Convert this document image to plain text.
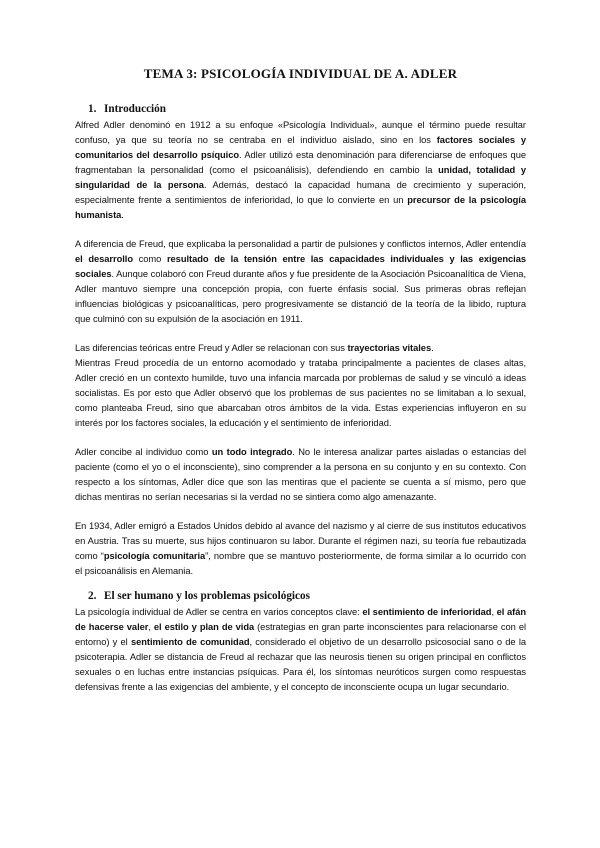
TEMA 3: PSICOLOGÍA INDIVIDUAL DE A. ADLER
1. Introducción

Alfred Adler denominó en 1912 a su enfoque «Psicología Individual», aunque el término puede resultar confuso, ya que su teoría no se centraba en el individuo aislado, sino en los factores sociales y comunitarios del desarrollo psíquico. Adler utilizó esta denominación para diferenciarse de enfoques que fragmentaban la personalidad (como el psicoanálisis), defendiendo en cambio la unidad, totalidad y singularidad de la persona. Además, destacó la capacidad humana de crecimiento y superación, especialmente frente a sentimientos de inferioridad, lo que lo convierte en un precursor de la psicología humanista.

A diferencia de Freud, que explicaba la personalidad a partir de pulsiones y conflictos internos, Adler entendía el desarrollo como resultado de la tensión entre las capacidades individuales y las exigencias sociales. Aunque colaboró con Freud durante años y fue presidente de la Asociación Psicoanalítica de Viena, Adler mantuvo siempre una concepción propia, con fuerte énfasis social. Sus primeras obras reflejan influencias biológicas y psicoanalíticas, pero progresivamente se distanció de la teoría de la libido, ruptura que culminó con su expulsión de la asociación en 1911.

Las diferencias teóricas entre Freud y Adler se relacionan con sus trayectorias vitales.

Mientras Freud procedía de un entorno acomodado y trataba principalmente a pacientes de clases altas, Adler creció en un contexto humilde, tuvo una infancia marcada por problemas de salud y se vinculó a ideas socialistas. Es por esto que Adler observó que los problemas de sus pacientes no se limitaban a lo sexual, como planteaba Freud, sino que abarcaban otros ámbitos de la vida. Estas experiencias influyeron en su interés por los factores sociales, la educación y el sentimiento de inferioridad.

Adler concibe al individuo como un todo integrado. No le interesa analizar partes aisladas o estancias del paciente (como el yo o el inconsciente), sino comprender a la persona en su conjunto y en su contexto. Con respecto a los síntomas, Adler dice que son las mentiras que el paciente se cuenta a sí mismo, pero que dichas mentiras no serían necesarias si la verdad no se sintiera como algo amenazante.

En 1934, Adler emigró a Estados Unidos debido al avance del nazismo y al cierre de sus institutos educativos en Austria. Tras su muerte, sus hijos continuaron su labor. Durante el régimen nazi, su teoría fue rebautizada como “psicología comunitaria”, nombre que se mantuvo posteriormente, de forma similar a lo ocurrido con el psicoanálisis en Alemania.

2. El ser humano y los problemas psicológicos

La psicología individual de Adler se centra en varios conceptos clave: el sentimiento de inferioridad, el afán de hacerse valer, el estilo y plan de vida (estrategias en gran parte inconscientes para relacionarse con el entorno) y el sentimiento de comunidad, considerado el objetivo de un desarrollo psicosocial sano o de la psicoterapia. Adler se distancia de Freud al rechazar que las neurosis tienen su origen principal en conflictos sexuales o en luchas entre instancias psíquicas. Para él, los síntomas neuróticos surgen como respuestas defensivas frente a las exigencias del ambiente, y el concepto de inconsciente ocupa un lugar secundario.
